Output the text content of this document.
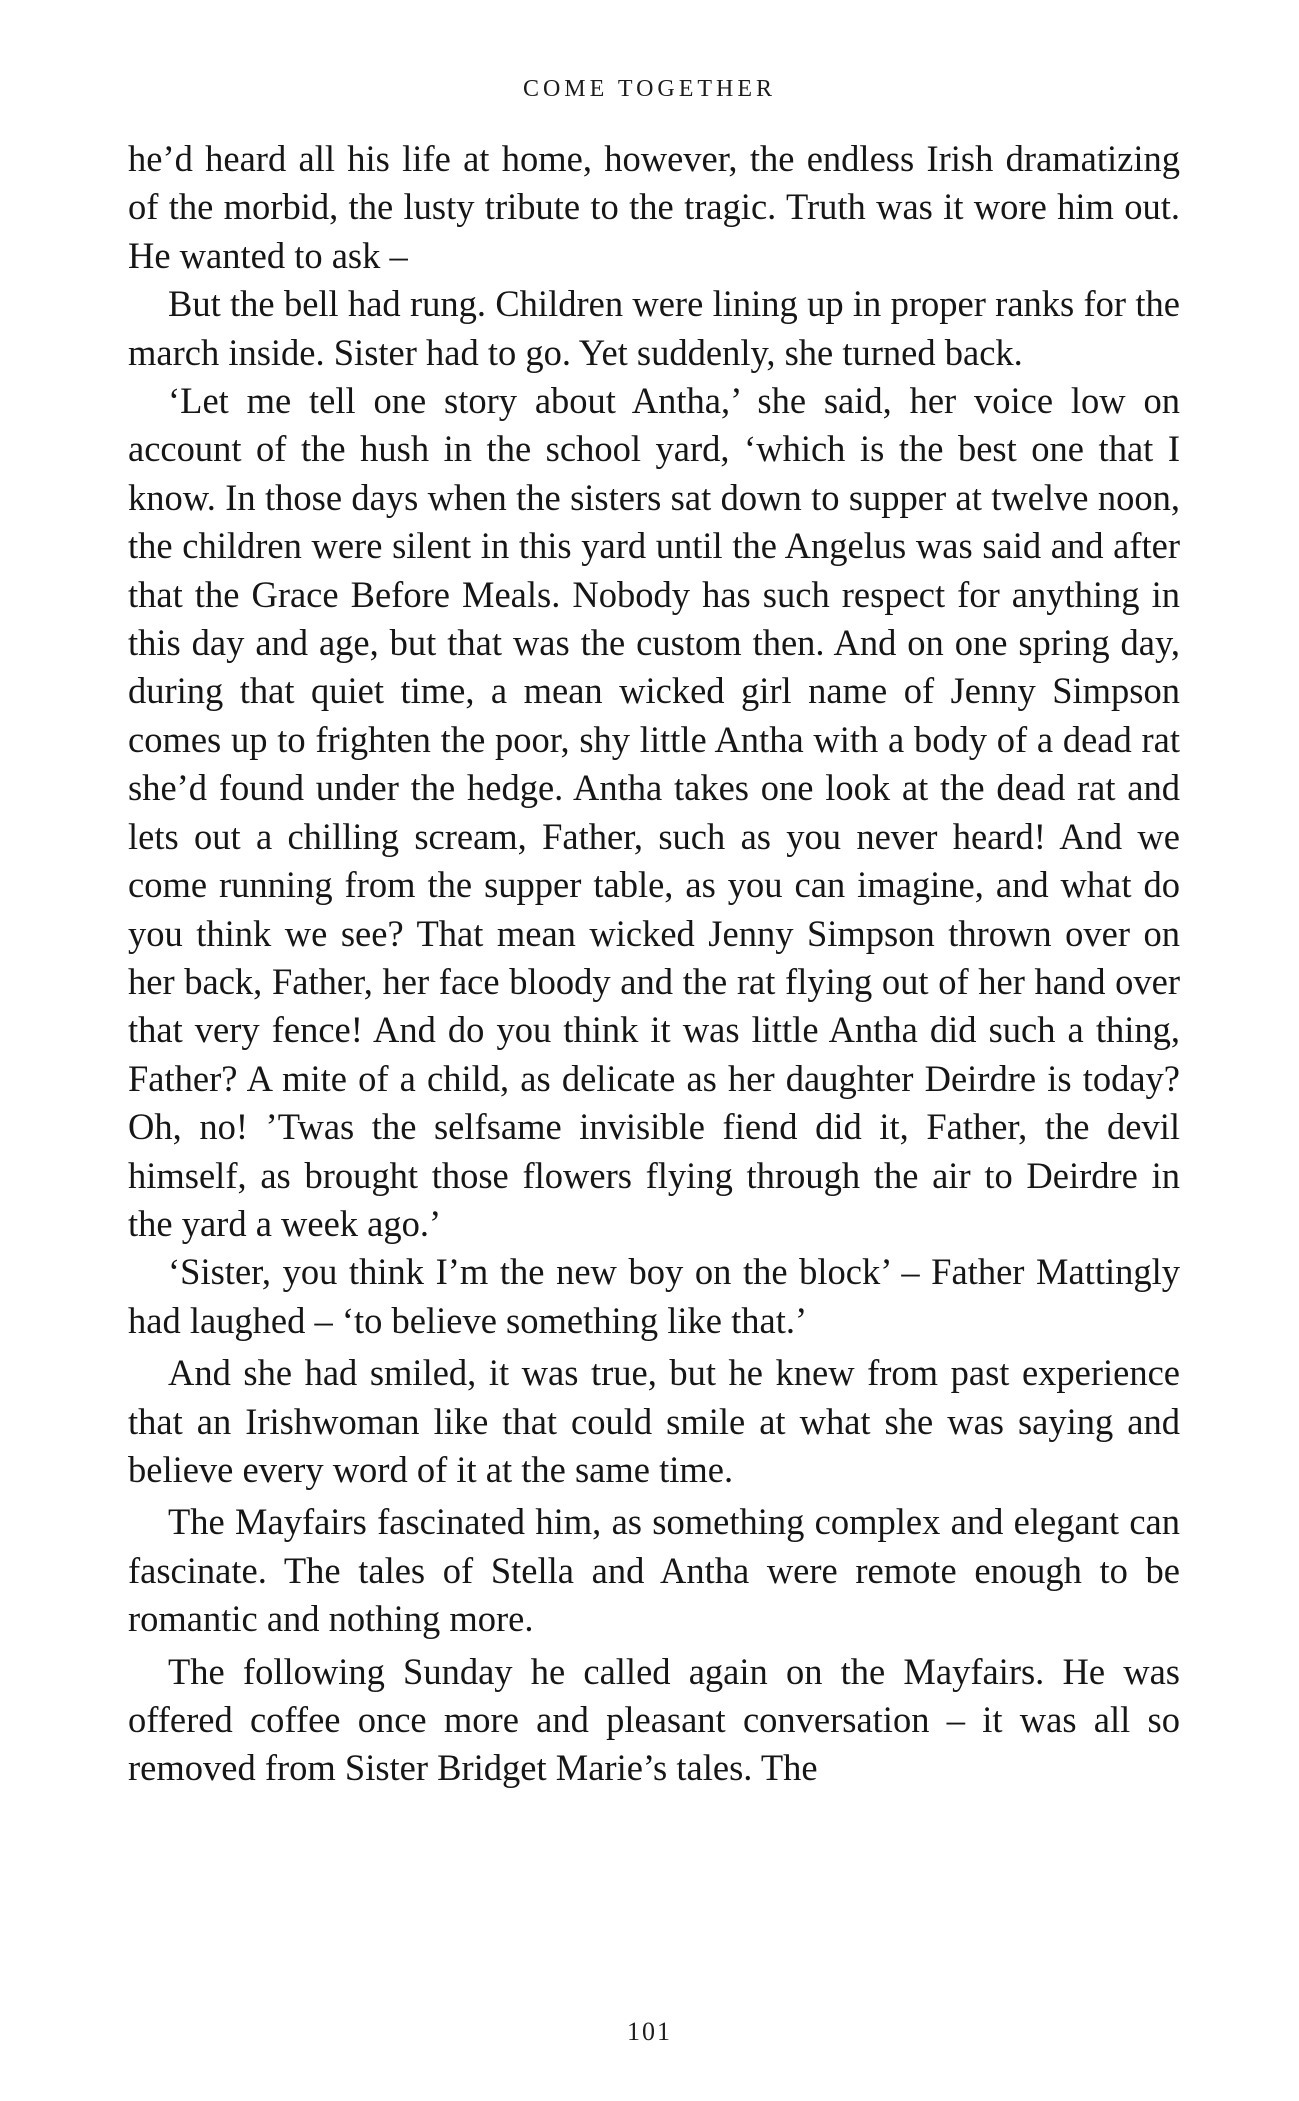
COME TOGETHER

he’d heard all his life at home, however, the endless Irish dramatizing of the morbid, the lusty tribute to the tragic. Truth was it wore him out. He wanted to ask –

But the bell had rung. Children were lining up in proper ranks for the march inside. Sister had to go. Yet suddenly, she turned back.

‘Let me tell one story about Antha,’ she said, her voice low on account of the hush in the school yard, ‘which is the best one that I know. In those days when the sisters sat down to supper at twelve noon, the children were silent in this yard until the Angelus was said and after that the Grace Before Meals. Nobody has such respect for anything in this day and age, but that was the custom then. And on one spring day, during that quiet time, a mean wicked girl name of Jenny Simpson comes up to frighten the poor, shy little Antha with a body of a dead rat she’d found under the hedge. Antha takes one look at the dead rat and lets out a chilling scream, Father, such as you never heard! And we come running from the supper table, as you can imagine, and what do you think we see? That mean wicked Jenny Simpson thrown over on her back, Father, her face bloody and the rat flying out of her hand over that very fence! And do you think it was little Antha did such a thing, Father? A mite of a child, as delicate as her daughter Deirdre is today? Oh, no! ’Twas the selfsame invisible fiend did it, Father, the devil himself, as brought those flowers flying through the air to Deirdre in the yard a week ago.’

‘Sister, you think I’m the new boy on the block’ – Father Mattingly had laughed – ‘to believe something like that.’

And she had smiled, it was true, but he knew from past experience that an Irishwoman like that could smile at what she was saying and believe every word of it at the same time.

The Mayfairs fascinated him, as something complex and elegant can fascinate. The tales of Stella and Antha were remote enough to be romantic and nothing more.

The following Sunday he called again on the Mayfairs. He was offered coffee once more and pleasant conversation – it was all so removed from Sister Bridget Marie’s tales. The

101
